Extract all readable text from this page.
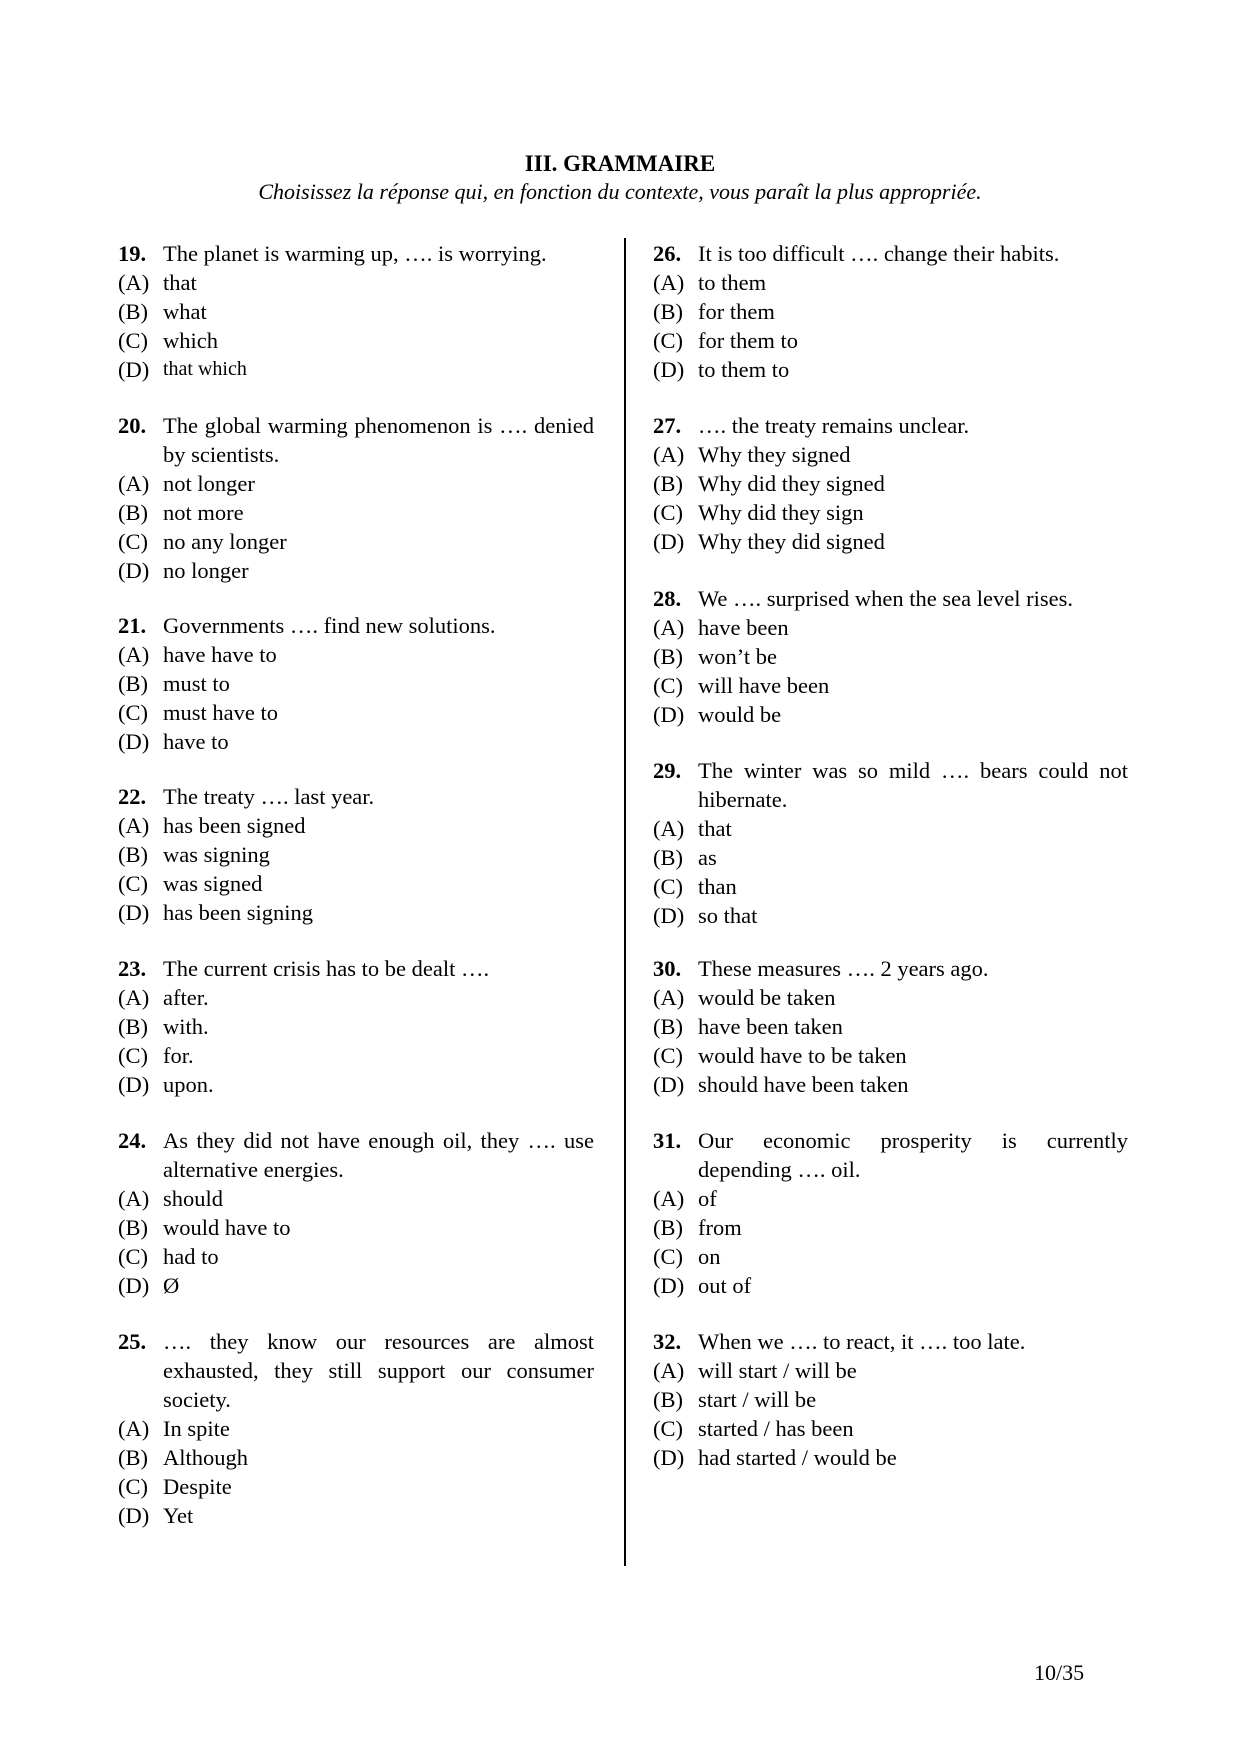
III. GRAMMAIRE
Choisissez la réponse qui, en fonction du contexte, vous paraît la plus appropriée.
19. The planet is warming up, …. is worrying.
(A) that
(B) what
(C) which
(D) that which
20. The global warming phenomenon is …. denied by scientists.
(A) not longer
(B) not more
(C) no any longer
(D) no longer
21. Governments …. find new solutions.
(A) have have to
(B) must to
(C) must have to
(D) have to
22. The treaty …. last year.
(A) has been signed
(B) was signing
(C) was signed
(D) has been signing
23. The current crisis has to be dealt ….
(A) after.
(B) with.
(C) for.
(D) upon.
24. As they did not have enough oil, they …. use alternative energies.
(A) should
(B) would have to
(C) had to
(D) Ø
25. …. they know our resources are almost exhausted, they still support our consumer society.
(A) In spite
(B) Although
(C) Despite
(D) Yet
26. It is too difficult …. change their habits.
(A) to them
(B) for them
(C) for them to
(D) to them to
27. …. the treaty remains unclear.
(A) Why they signed
(B) Why did they signed
(C) Why did they sign
(D) Why they did signed
28. We …. surprised when the sea level rises.
(A) have been
(B) won’t be
(C) will have been
(D) would be
29. The winter was so mild …. bears could not hibernate.
(A) that
(B) as
(C) than
(D) so that
30. These measures …. 2 years ago.
(A) would be taken
(B) have been taken
(C) would have to be taken
(D) should have been taken
31. Our economic prosperity is currently depending …. oil.
(A) of
(B) from
(C) on
(D) out of
32. When we …. to react, it …. too late.
(A) will start / will be
(B) start / will be
(C) started / has been
(D) had started / would be
10/35
